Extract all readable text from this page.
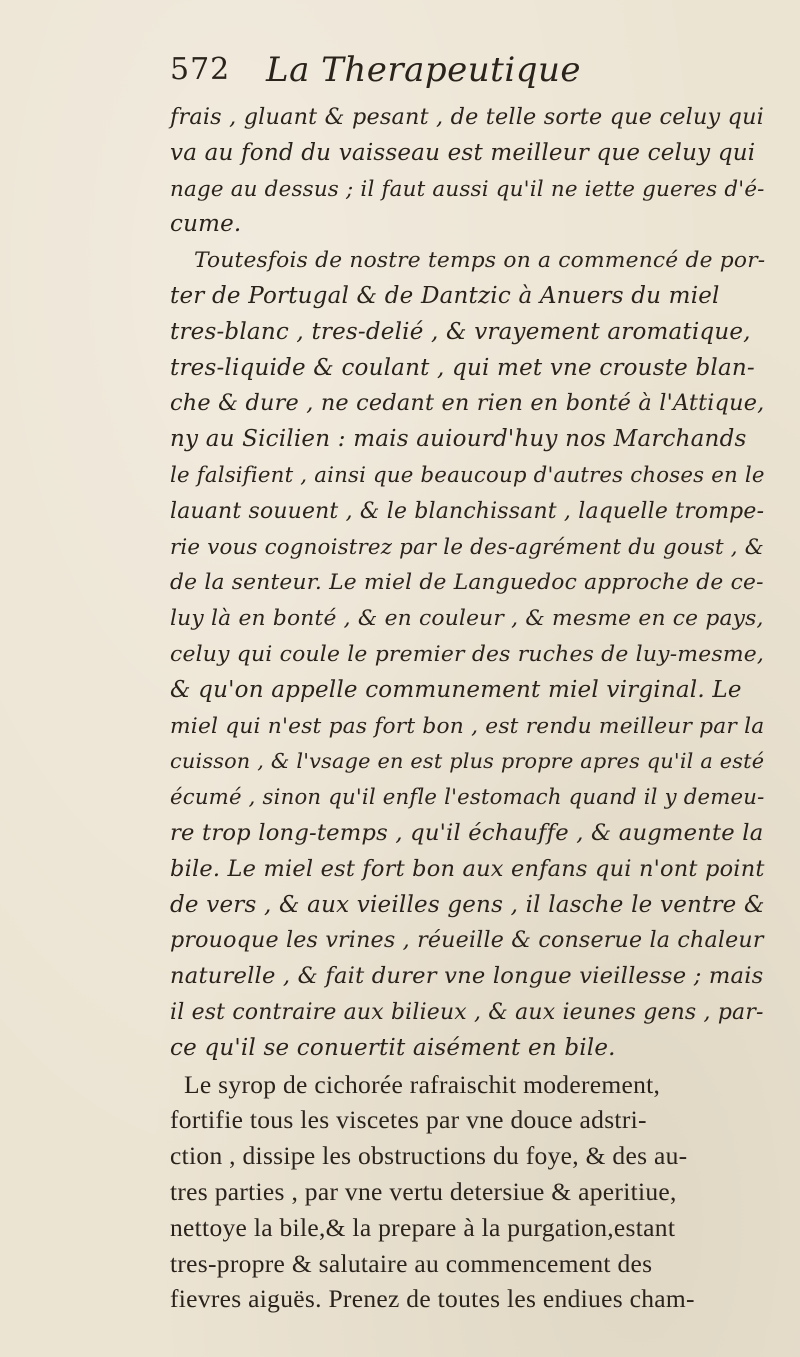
572 La Therapeutique
frais , gluant & pesant , de telle sorte que celuy qui
va au fond du vaisseau est meilleur que celuy qui
nage au dessus ; il faut aussi qu'il ne iette gueres d'é-
cume.
Toutesfois de nostre temps on a commencé de por-
ter de Portugal & de Dantzic à Anuers du miel
tres-blanc , tres-delié , & vrayement aromatique,
tres-liquide & coulant , qui met vne crouste blan-
che & dure , ne cedant en rien en bonté à l'Attique,
ny au Sicilien : mais auiourd'huy nos Marchands
le falsifient , ainsi que beaucoup d'autres choses en le
lauant souuent , & le blanchissant , laquelle trompe-
rie vous cognoistrez par le des-agrément du goust , &
de la senteur. Le miel de Languedoc approche de ce-
luy là en bonté , & en couleur , & mesme en ce pays,
celuy qui coule le premier des ruches de luy-mesme,
& qu'on appelle communement miel virginal. Le
miel qui n'est pas fort bon , est rendu meilleur par la
cuisson , & l'vsage en est plus propre apres qu'il a esté
écumé , sinon qu'il enfle l'estomach quand il y demeu-
re trop long-temps , qu'il échauffe , & augmente la
bile. Le miel est fort bon aux enfans qui n'ont point
de vers , & aux vieilles gens , il lasche le ventre &
prouoque les vrines , réueille & conserue la chaleur
naturelle , & fait durer vne longue vieillesse ; mais
il est contraire aux bilieux , & aux ieunes gens , par-
ce qu'il se conuertit aisément en bile.
Le syrop de cichorée rafraischit moderement,
fortifie tous les viscetes par vne douce adstri-
ction , dissipe les obstructions du foye, & des au-
tres parties , par vne vertu detersiue & aperitiue,
nettoye la bile,& la prepare à la purgation,estant
tres-propre & salutaire au commencement des
fievres aiguës. Prenez de toutes les endiues cham-
